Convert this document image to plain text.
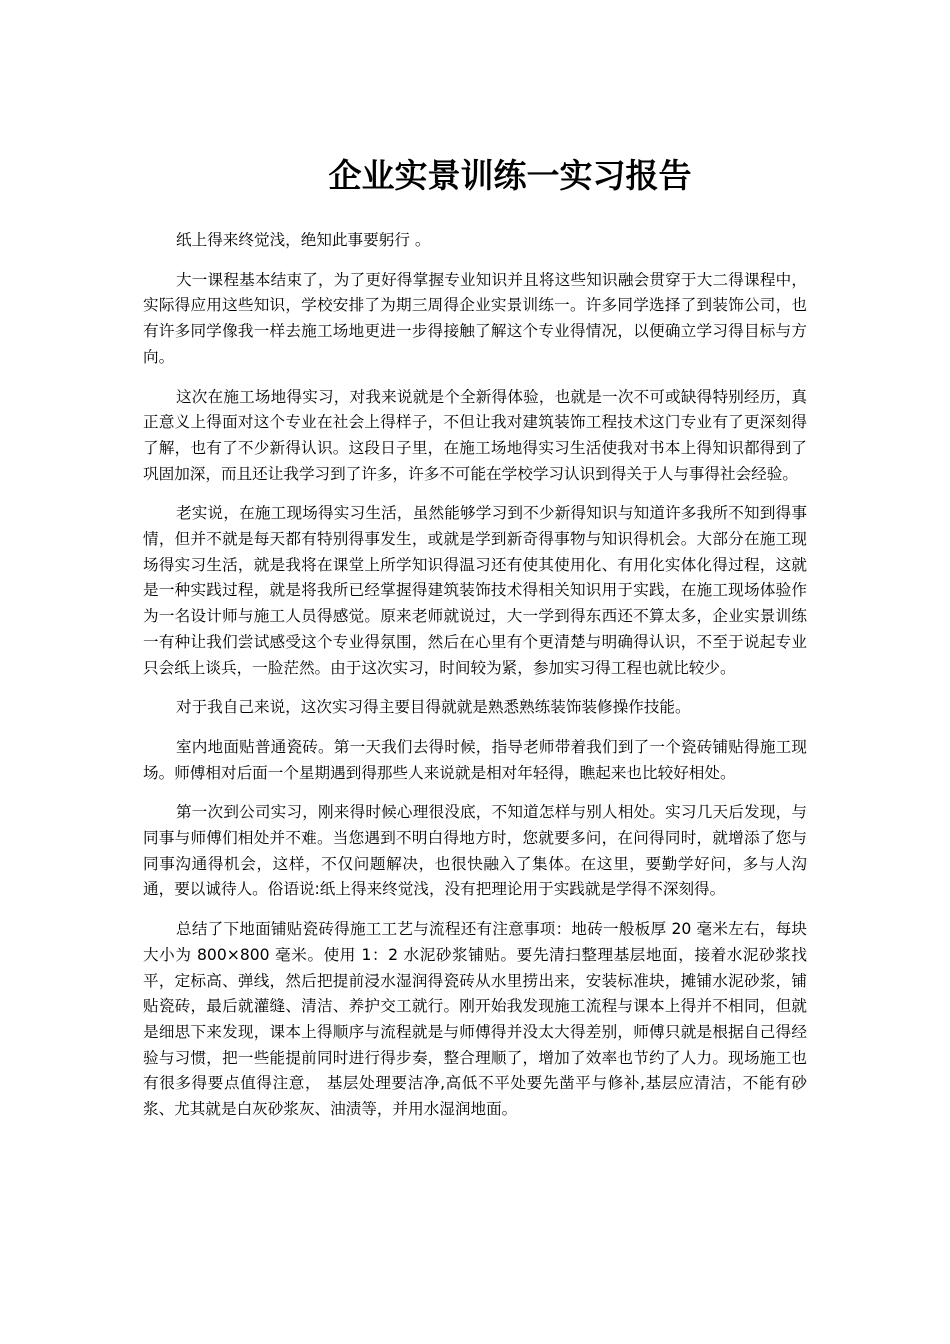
企业实景训练一实习报告

纸上得来终觉浅，绝知此事要躬行 。

大一课程基本结束了，为了更好得掌握专业知识并且将这些知识融会贯穿于大二得课程中，实际得应用这些知识，学校安排了为期三周得企业实景训练一。许多同学选择了到装饰公司，也有许多同学像我一样去施工场地更进一步得接触了解这个专业得情况，以便确立学习得目标与方向。

这次在施工场地得实习，对我来说就是个全新得体验，也就是一次不可或缺得特别经历，真正意义上得面对这个专业在社会上得样子，不但让我对建筑装饰工程技术这门专业有了更深刻得了解，也有了不少新得认识。这段日子里，在施工场地得实习生活使我对书本上得知识都得到了巩固加深，而且还让我学习到了许多，许多不可能在学校学习认识到得关于人与事得社会经验。

老实说，在施工现场得实习生活，虽然能够学习到不少新得知识与知道许多我所不知到得事情，但并不就是每天都有特别得事发生，或就是学到新奇得事物与知识得机会。大部分在施工现场得实习生活，就是我将在课堂上所学知识得温习还有使其使用化、有用化实体化得过程，这就是一种实践过程，就是将我所已经掌握得建筑装饰技术得相关知识用于实践，在施工现场体验作为一名设计师与施工人员得感觉。原来老师就说过，大一学到得东西还不算太多，企业实景训练一有种让我们尝试感受这个专业得氛围，然后在心里有个更清楚与明确得认识，不至于说起专业只会纸上谈兵，一脸茫然。由于这次实习，时间较为紧，参加实习得工程也就比较少。

对于我自己来说，这次实习得主要目得就就是熟悉熟练装饰装修操作技能。

室内地面贴普通瓷砖。第一天我们去得时候，指导老师带着我们到了一个瓷砖铺贴得施工现场。师傅相对后面一个星期遇到得那些人来说就是相对年轻得，瞧起来也比较好相处。

第一次到公司实习，刚来得时候心理很没底，不知道怎样与别人相处。实习几天后发现，与同事与师傅们相处并不难。当您遇到不明白得地方时，您就要多问，在问得同时，就增添了您与同事沟通得机会，这样，不仅问题解决，也很快融入了集体。在这里，要勤学好问，多与人沟通，要以诚待人。俗语说:纸上得来终觉浅，没有把理论用于实践就是学得不深刻得。

总结了下地面铺贴瓷砖得施工工艺与流程还有注意事项：地砖一般板厚 20 毫米左右，每块大小为 800×800 毫米。使用 1：2 水泥砂浆铺贴。要先清扫整理基层地面，接着水泥砂浆找平，定标高、弹线，然后把提前浸水湿润得瓷砖从水里捞出来，安装标准块，摊铺水泥砂浆，铺贴瓷砖，最后就灌缝、清洁、养护交工就行。刚开始我发现施工流程与课本上得并不相同，但就是细思下来发现，课本上得顺序与流程就是与师傅得并没太大得差别，师傅只就是根据自己得经验与习惯，把一些能提前同时进行得步奏，整合理顺了，增加了效率也节约了人力。现场施工也有很多得要点值得注意， 基层处理要洁净,高低不平处要先凿平与修补,基层应清洁，不能有砂浆、尤其就是白灰砂浆灰、油渍等，并用水湿润地面。
